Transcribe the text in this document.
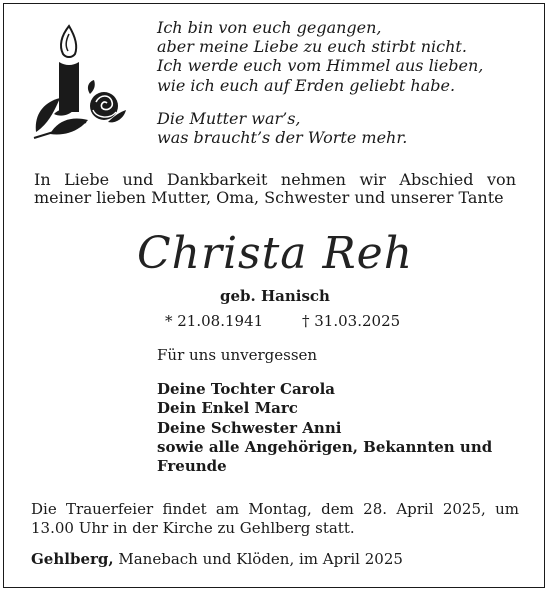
Ich bin von euch gegangen,
aber meine Liebe zu euch stirbt nicht.
Ich werde euch vom Himmel aus lieben,
wie ich euch auf Erden geliebt habe.
Die Mutter war’s,
was braucht’s der Worte mehr.
In Liebe und Dankbarkeit nehmen wir Abschied von meiner lieben Mutter, Oma, Schwester und unserer Tante
Christa Reh
geb. Hanisch
* 21.08.1941	† 31.03.2025
Für uns unvergessen
Deine Tochter Carola
Dein Enkel Marc
Deine Schwester Anni
sowie alle Angehörigen, Bekannten und
Freunde
Die Trauerfeier findet am Montag, dem 28. April 2025, um 13.00 Uhr in der Kirche zu Gehlberg statt.
Gehlberg, Manebach und Klöden, im April 2025
